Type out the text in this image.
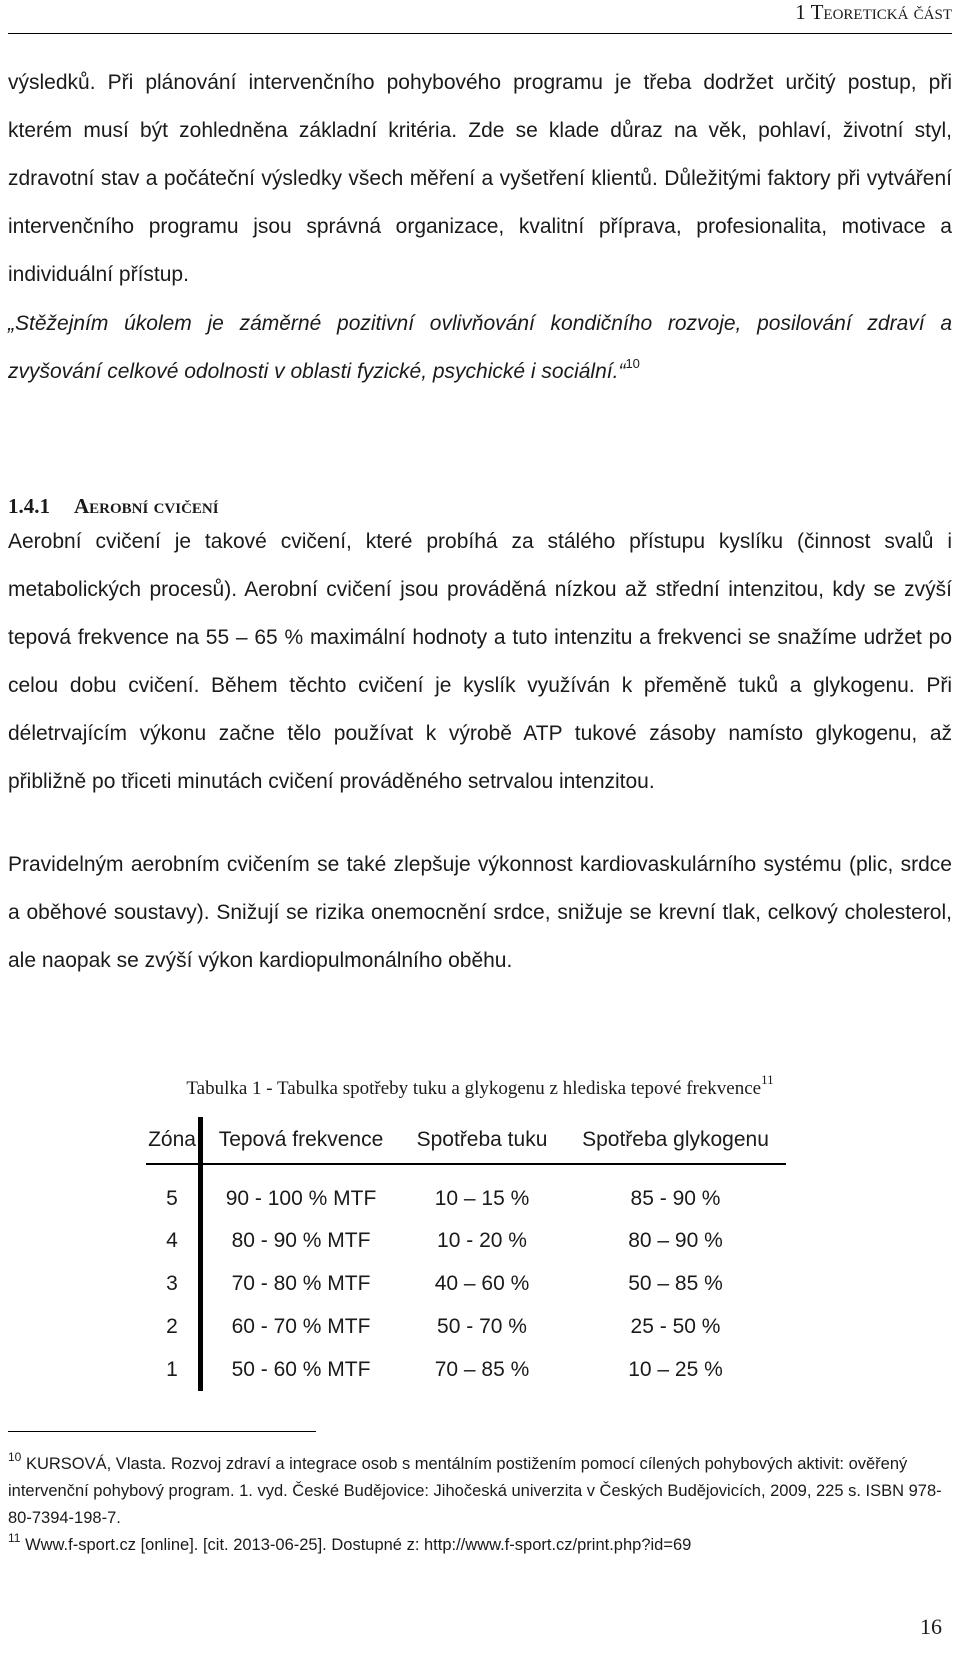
1 Teoretická část

výsledků. Při plánování intervenčního pohybového programu je třeba dodržet určitý postup, při kterém musí být zohledněna základní kritéria. Zde se klade důraz na věk, pohlaví, životní styl, zdravotní stav a počáteční výsledky všech měření a vyšetření klientů. Důležitými faktory při vytváření intervenčního programu jsou správná organizace, kvalitní příprava, profesionalita, motivace a individuální přístup.

„Stěžejním úkolem je záměrné pozitivní ovlivňování kondičního rozvoje, posilování zdraví a zvyšování celkové odolnosti v oblasti fyzické, psychické i sociální.“$^{10}$

1.4.1 Aerobní cvičení

Aerobní cvičení je takové cvičení, které probíhá za stálého přístupu kyslíku (činnost svalů i metabolických procesů). Aerobní cvičení jsou prováděná nízkou až střední intenzitou, kdy se zvýší tepová frekvence na 55 – 65 % maximální hodnoty a tuto intenzitu a frekvenci se snažíme udržet po celou dobu cvičení. Během těchto cvičení je kyslík využíván k přeměně tuků a glykogenu. Při déletrvajícím výkonu začne tělo používat k výrobě ATP tukové zásoby namísto glykogenu, až přibližně po třiceti minutách cvičení prováděného setrvalou intenzitou.

Pravidelným aerobním cvičením se také zlepšuje výkonnost kardiovaskulárního systému (plic, srdce a oběhové soustavy). Snižují se rizika onemocnění srdce, snižuje se krevní tlak, celkový cholesterol, ale naopak se zvýší výkon kardiopulmonálního oběhu.

Tabulka 1 - Tabulka spotřeby tuku a glykogenu z hlediska tepové frekvence$^{11}$
Zóna	Tepová frekvence	Spotřeba tuku	Spotřeba glykogenu
5	90 - 100 % MTF	10 – 15 %	85 - 90 %
4	80 - 90 % MTF	10 - 20 %	80 – 90 %
3	70 - 80 % MTF	40 – 60 %	50 – 85 %
2	60 - 70 % MTF	50 - 70 %	25 - 50 %
1	50 - 60 % MTF	70 – 85 %	10 – 25 %

$^{10}$ KURSOVÁ, Vlasta. Rozvoj zdraví a integrace osob s mentálním postižením pomocí cílených pohybových aktivit: ověřený intervenční pohybový program. 1. vyd. České Budějovice: Jihočeská univerzita v Českých Budějovicích, 2009, 225 s. ISBN 978-80-7394-198-7.

$^{11}$ Www.f-sport.cz [online]. [cit. 2013-06-25]. Dostupné z: http://www.f-sport.cz/print.php?id=69

16
